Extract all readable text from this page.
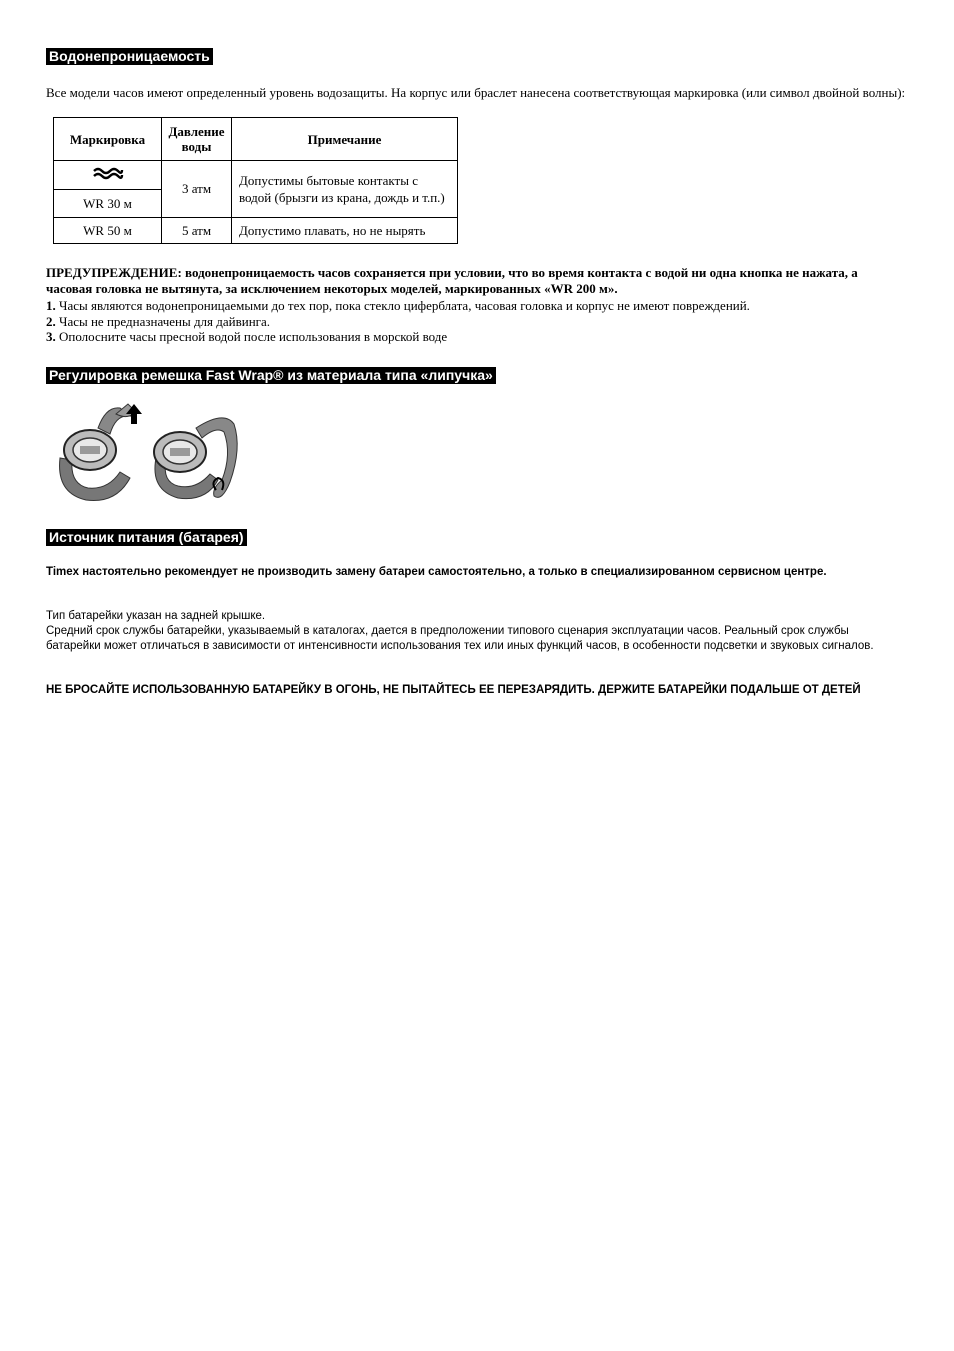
Водонепроницаемость

Все модели часов имеют определенный уровень водозащиты. На корпус или браслет нанесена соответствующая маркировка (или символ двойной волны):

Маркировка	Давление воды	Примечание
	3 атм	Допустимы бытовые контакты с водой (брызги из крана, дождь и т.п.)
WR 30 м		
WR 50 м	5 атм	Допустимо плавать, но не нырять

ПРЕДУПРЕЖДЕНИЕ: водонепроницаемость часов сохраняется при условии, что во время контакта с водой ни одна кнопка не нажата, а часовая головка не вытянута, за исключением некоторых моделей, маркированных «WR 200 м».

1. Часы являются водонепроницаемыми до тех пор, пока стекло циферблата, часовая головка и корпус не имеют повреждений.

2. Часы не предназначены для дайвинга.

3. Ополосните часы пресной водой после использования в морской воде

Регулировка ремешка Fast Wrap® из материала типа «липучка»
Источник питания (батарея)

Timex настоятельно рекомендует не производить замену батареи самостоятельно, а только в специализированном сервисном центре.

Тип батарейки указан на задней крышке.

Средний срок службы батарейки, указываемый в каталогах, дается в предположении типового сценария эксплуатации часов. Реальный срок службы батарейки может отличаться в зависимости от интенсивности использования тех или иных функций часов, в особенности подсветки и звуковых сигналов.

НЕ БРОСАЙТЕ ИСПОЛЬЗОВАННУЮ БАТАРЕЙКУ В ОГОНЬ, НЕ ПЫТАЙТЕСЬ ЕЕ ПЕРЕЗАРЯДИТЬ. ДЕРЖИТЕ БАТАРЕЙКИ ПОДАЛЬШЕ ОТ ДЕТЕЙ
